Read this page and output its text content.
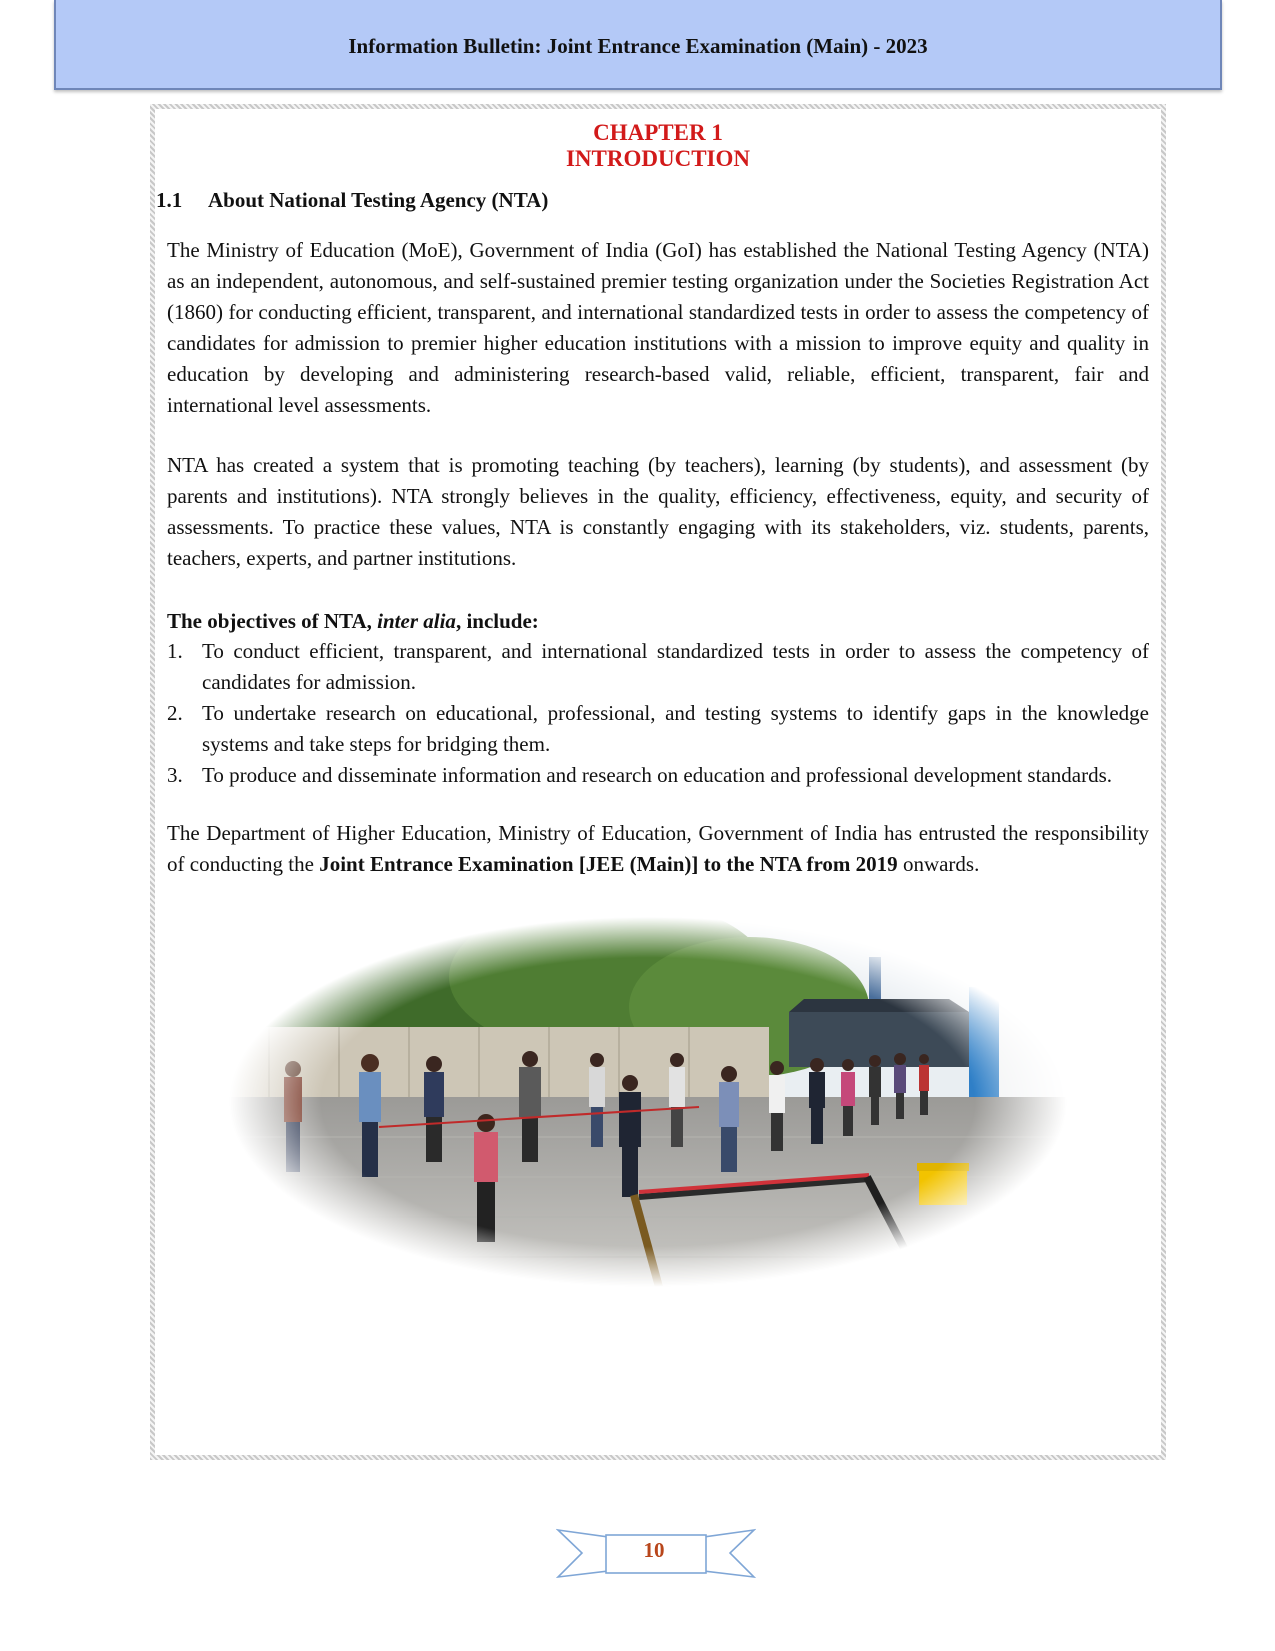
Information Bulletin: Joint Entrance Examination (Main) - 2023
CHAPTER 1
INTRODUCTION
1.1 About National Testing Agency (NTA)

The Ministry of Education (MoE), Government of India (GoI) has established the National Testing Agency (NTA) as an independent, autonomous, and self-sustained premier testing organization under the Societies Registration Act (1860) for conducting efficient, transparent, and international standardized tests in order to assess the competency of candidates for admission to premier higher education institutions with a mission to improve equity and quality in education by developing and administering research-based valid, reliable, efficient, transparent, fair and international level assessments.

NTA has created a system that is promoting teaching (by teachers), learning (by students), and assessment (by parents and institutions). NTA strongly believes in the quality, efficiency, effectiveness, equity, and security of assessments. To practice these values, NTA is constantly engaging with its stakeholders, viz. students, parents, teachers, experts, and partner institutions.

The objectives of NTA, inter alia, include:
1. To conduct efficient, transparent, and international standardized tests in order to assess the competency of candidates for admission.
2. To undertake research on educational, professional, and testing systems to identify gaps in the knowledge systems and take steps for bridging them.
3. To produce and disseminate information and research on education and professional development standards.

The Department of Higher Education, Ministry of Education, Government of India has entrusted the responsibility of conducting the Joint Entrance Examination [JEE (Main)] to the NTA from 2019 onwards.

10
